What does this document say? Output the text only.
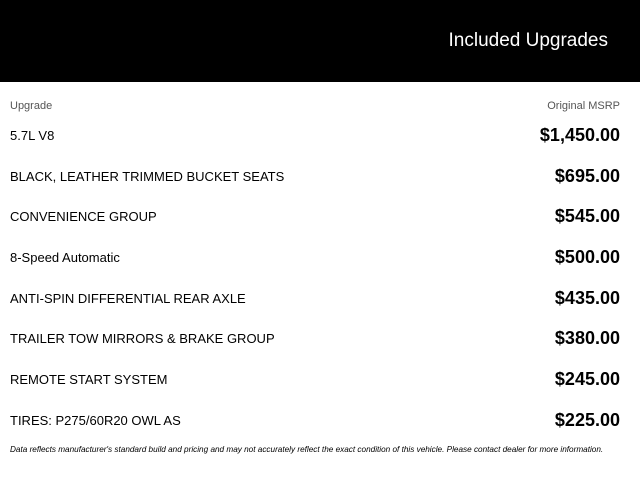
Included Upgrades
Upgrade	Original MSRP
5.7L V8	$1,450.00
BLACK, LEATHER TRIMMED BUCKET SEATS	$695.00
CONVENIENCE GROUP	$545.00
8-Speed Automatic	$500.00
ANTI-SPIN DIFFERENTIAL REAR AXLE	$435.00
TRAILER TOW MIRRORS & BRAKE GROUP	$380.00
REMOTE START SYSTEM	$245.00
TIRES: P275/60R20 OWL AS	$225.00
Data reflects manufacturer's standard build and pricing and may not accurately reflect the exact condition of this vehicle. Please contact dealer for more information.
